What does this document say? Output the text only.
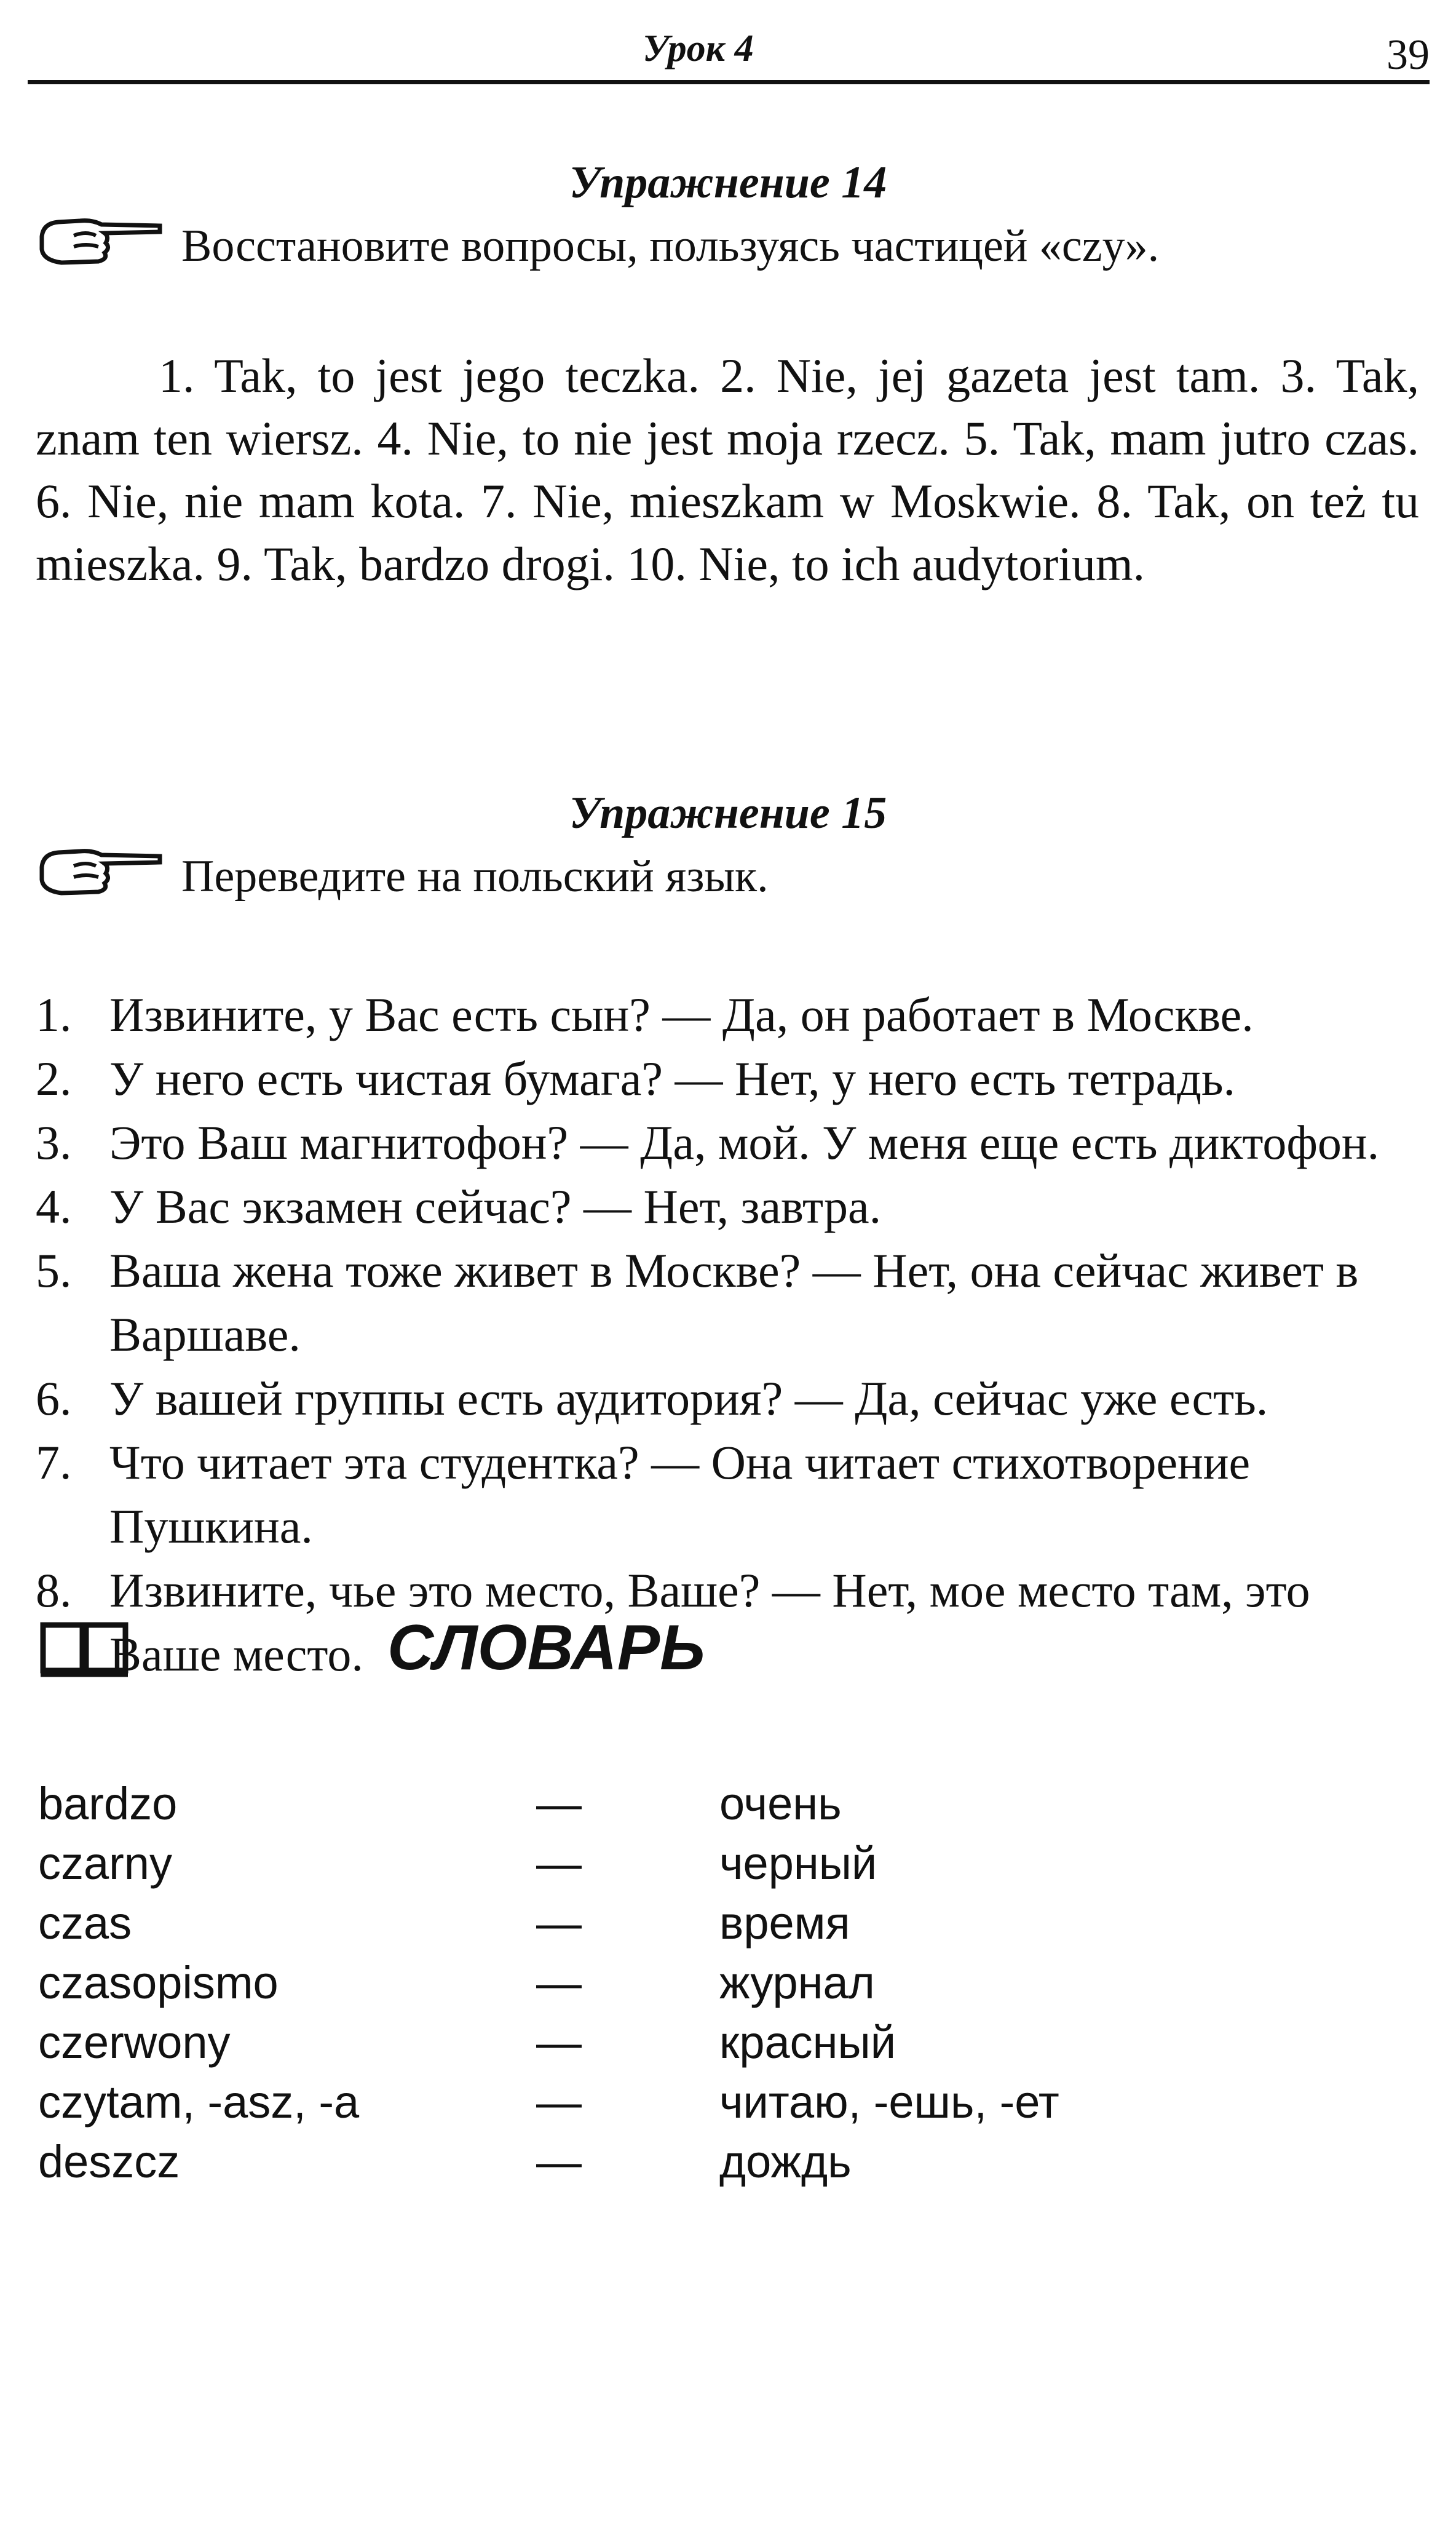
Урок 4	39
Упражнение 14
Восстановите вопросы, пользуясь частицей «czy».
1. Tak, to jest jego teczka. 2. Nie, jej gazeta jest tam. 3. Tak, znam ten wiersz. 4. Nie, to nie jest moja rzecz. 5. Tak, mam jutro czas. 6. Nie, nie mam kota. 7. Nie, mieszkam w Moskwie. 8. Tak, on też tu mieszka. 9. Tak, bardzo drogi. 10. Nie, to ich audytorium.
Упражнение 15
Переведите на польский язык.
1. Извините, у Вас есть сын? — Да, он работает в Москве.
2. У него есть чистая бумага? — Нет, у него есть тетрадь.
3. Это Ваш магнитофон? — Да, мой. У меня еще есть диктофон.
4. У Вас экзамен сейчас? — Нет, завтра.
5. Ваша жена тоже живет в Москве? — Нет, она сейчас живет в Варшаве.
6. У вашей группы есть аудитория? — Да, сейчас уже есть.
7. Что читает эта студентка? — Она читает стихотворение Пушкина.
8. Извините, чье это место, Ваше? — Нет, мое место там, это Ваше место. СЛОВАРЬ
bardzo	—	очень
czarny	—	черный
czas	—	время
czasopismo	—	журнал
czerwony	—	красный
czytam, -asz, -a	—	читаю, -ешь, -ет
deszcz	—	дождь
